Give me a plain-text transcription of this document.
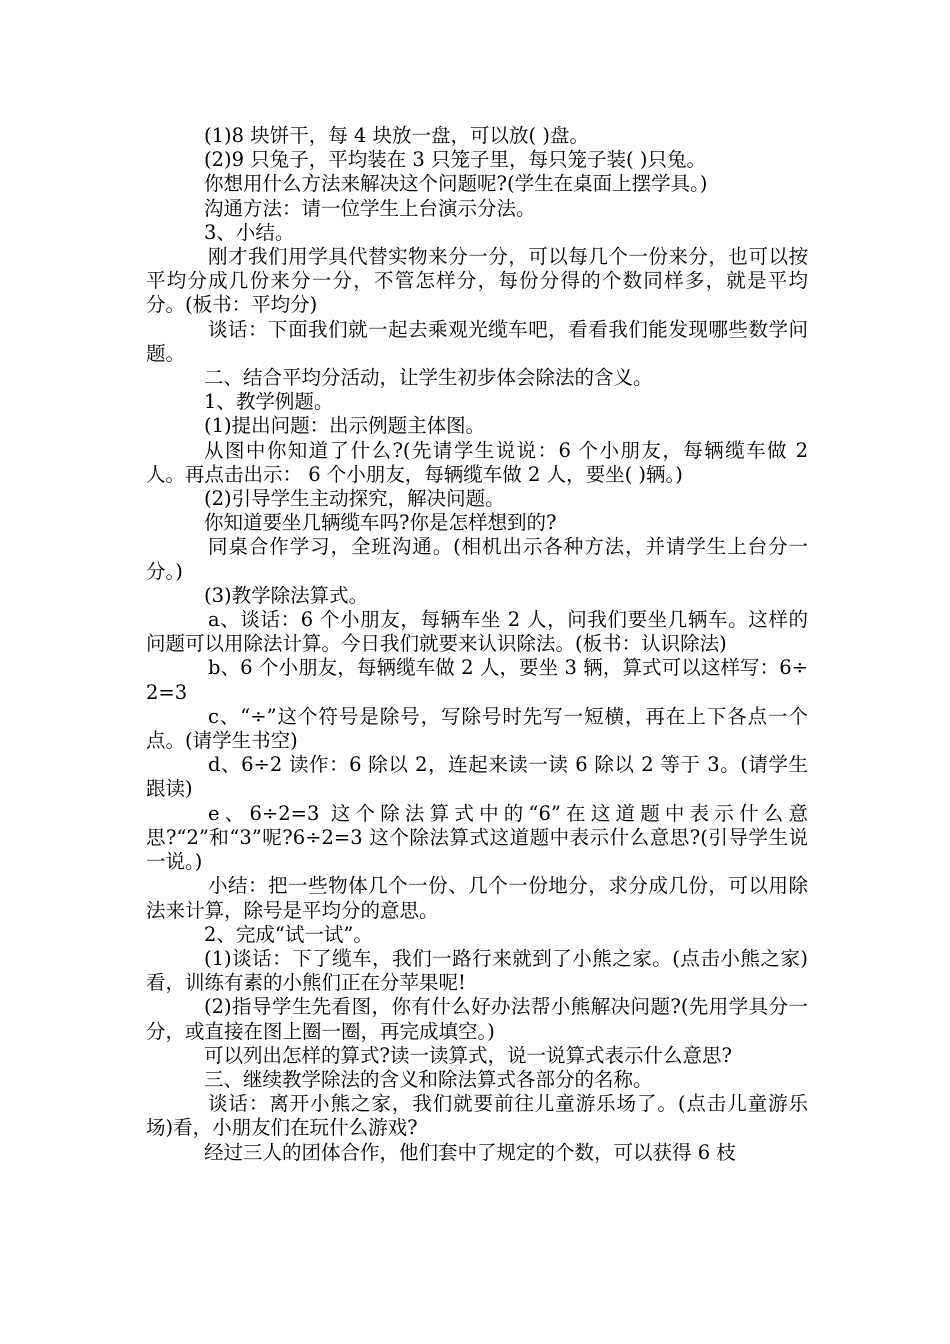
(1)8 块饼干，每 4 块放一盘，可以放( )盘。

(2)9 只兔子，平均装在 3 只笼子里，每只笼子装( )只兔。

你想用什么方法来解决这个问题呢?(学生在桌面上摆学具。)

沟通方法：请一位学生上台演示分法。

3、小结。

刚才我们用学具代替实物来分一分，可以每几个一份来分，也可以按平均分成几份来分一分，不管怎样分，每份分得的个数同样多，就是平均分。(板书：平均分)

谈话：下面我们就一起去乘观光缆车吧，看看我们能发现哪些数学问题。

二、结合平均分活动，让学生初步体会除法的含义。

1、教学例题。

(1)提出问题：出示例题主体图。

从图中你知道了什么?(先请学生说说：6 个小朋友，每辆缆车做 2 人。再点击出示： 6 个小朋友，每辆缆车做 2 人，要坐( )辆。)

(2)引导学生主动探究，解决问题。

你知道要坐几辆缆车吗?你是怎样想到的?

同桌合作学习，全班沟通。(相机出示各种方法，并请学生上台分一分。)

(3)教学除法算式。

a、谈话：6 个小朋友，每辆车坐 2 人，问我们要坐几辆车。这样的问题可以用除法计算。今日我们就要来认识除法。(板书：认识除法)

b、6 个小朋友，每辆缆车做 2 人，要坐 3 辆，算式可以这样写：6÷2=3

c、“÷”这个符号是除号，写除号时先写一短横，再在上下各点一个点。(请学生书空)

d、6÷2 读作：6 除以 2，连起来读一读 6 除以 2 等于 3。(请学生跟读)

e、6÷2=3 这个除法算式中的“6”在这道题中表示什么意思?“2”和“3”呢?6÷2=3 这个除法算式这道题中表示什么意思?(引导学生说一说。)

小结：把一些物体几个一份、几个一份地分，求分成几份，可以用除法来计算，除号是平均分的意思。

2、完成“试一试”。

(1)谈话：下了缆车，我们一路行来就到了小熊之家。(点击小熊之家)看，训练有素的小熊们正在分苹果呢!

(2)指导学生先看图，你有什么好办法帮小熊解决问题?(先用学具分一分，或直接在图上圈一圈，再完成填空。)

可以列出怎样的算式?读一读算式，说一说算式表示什么意思?

三、继续教学除法的含义和除法算式各部分的名称。

谈话：离开小熊之家，我们就要前往儿童游乐场了。(点击儿童游乐场)看，小朋友们在玩什么游戏?

经过三人的团体合作，他们套中了规定的个数，可以获得 6 枝
